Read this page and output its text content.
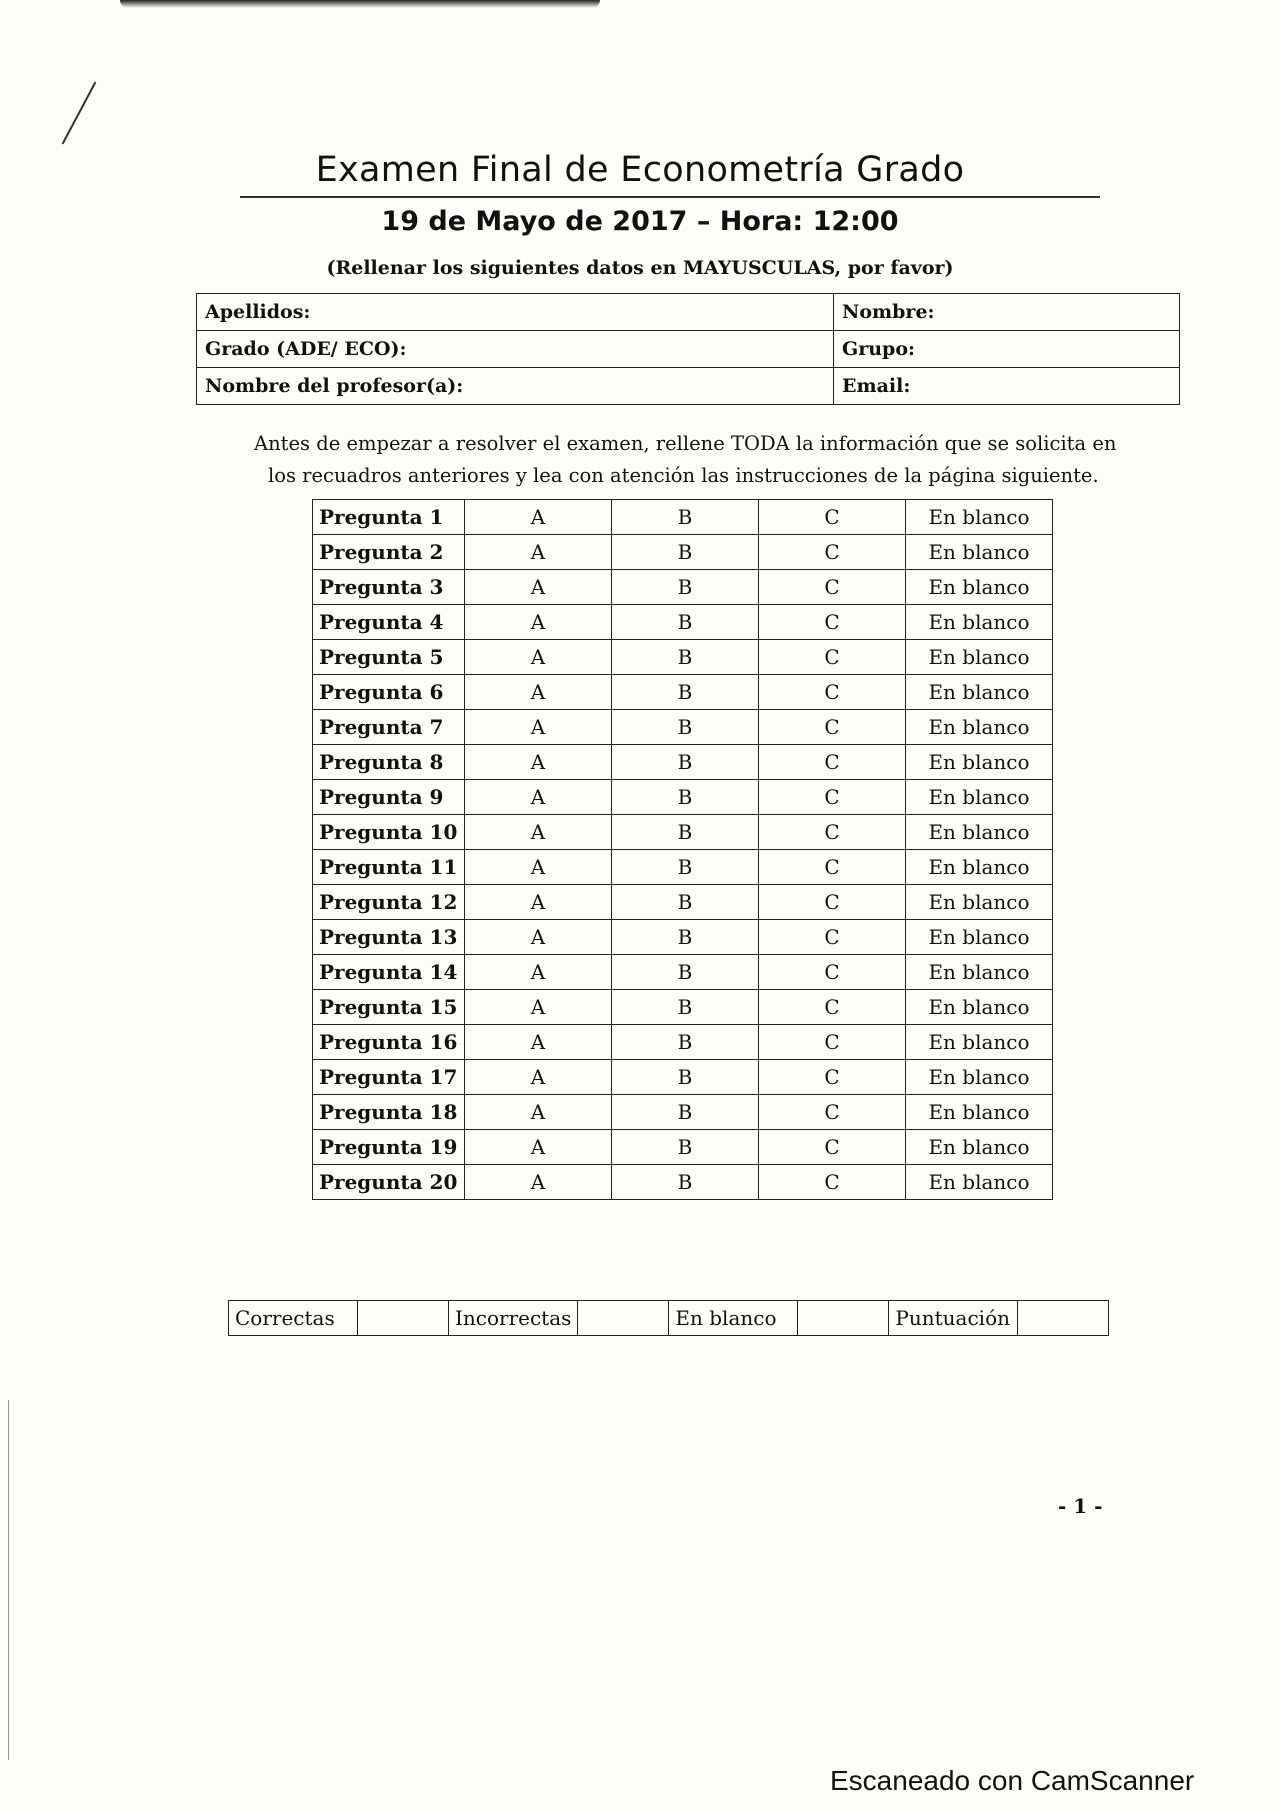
Examen Final de Econometría Grado
19 de Mayo de 2017 – Hora: 12:00
(Rellenar los siguientes datos en MAYUSCULAS, por favor)
Apellidos:	Nombre:
Grado (ADE/ ECO):	Grupo:
Nombre del profesor(a):	Email:
Antes de empezar a resolver el examen, rellene TODA la información que se solicita en
los recuadros anteriores y lea con atención las instrucciones de la página siguiente.
Pregunta 1	A	B	C	En blanco
Pregunta 2	A	B	C	En blanco
Pregunta 3	A	B	C	En blanco
Pregunta 4	A	B	C	En blanco
Pregunta 5	A	B	C	En blanco
Pregunta 6	A	B	C	En blanco
Pregunta 7	A	B	C	En blanco
Pregunta 8	A	B	C	En blanco
Pregunta 9	A	B	C	En blanco
Pregunta 10	A	B	C	En blanco
Pregunta 11	A	B	C	En blanco
Pregunta 12	A	B	C	En blanco
Pregunta 13	A	B	C	En blanco
Pregunta 14	A	B	C	En blanco
Pregunta 15	A	B	C	En blanco
Pregunta 16	A	B	C	En blanco
Pregunta 17	A	B	C	En blanco
Pregunta 18	A	B	C	En blanco
Pregunta 19	A	B	C	En blanco
Pregunta 20	A	B	C	En blanco
Correctas		Incorrectas		En blanco		Puntuación	
- 1 -
Escaneado con CamScanner
